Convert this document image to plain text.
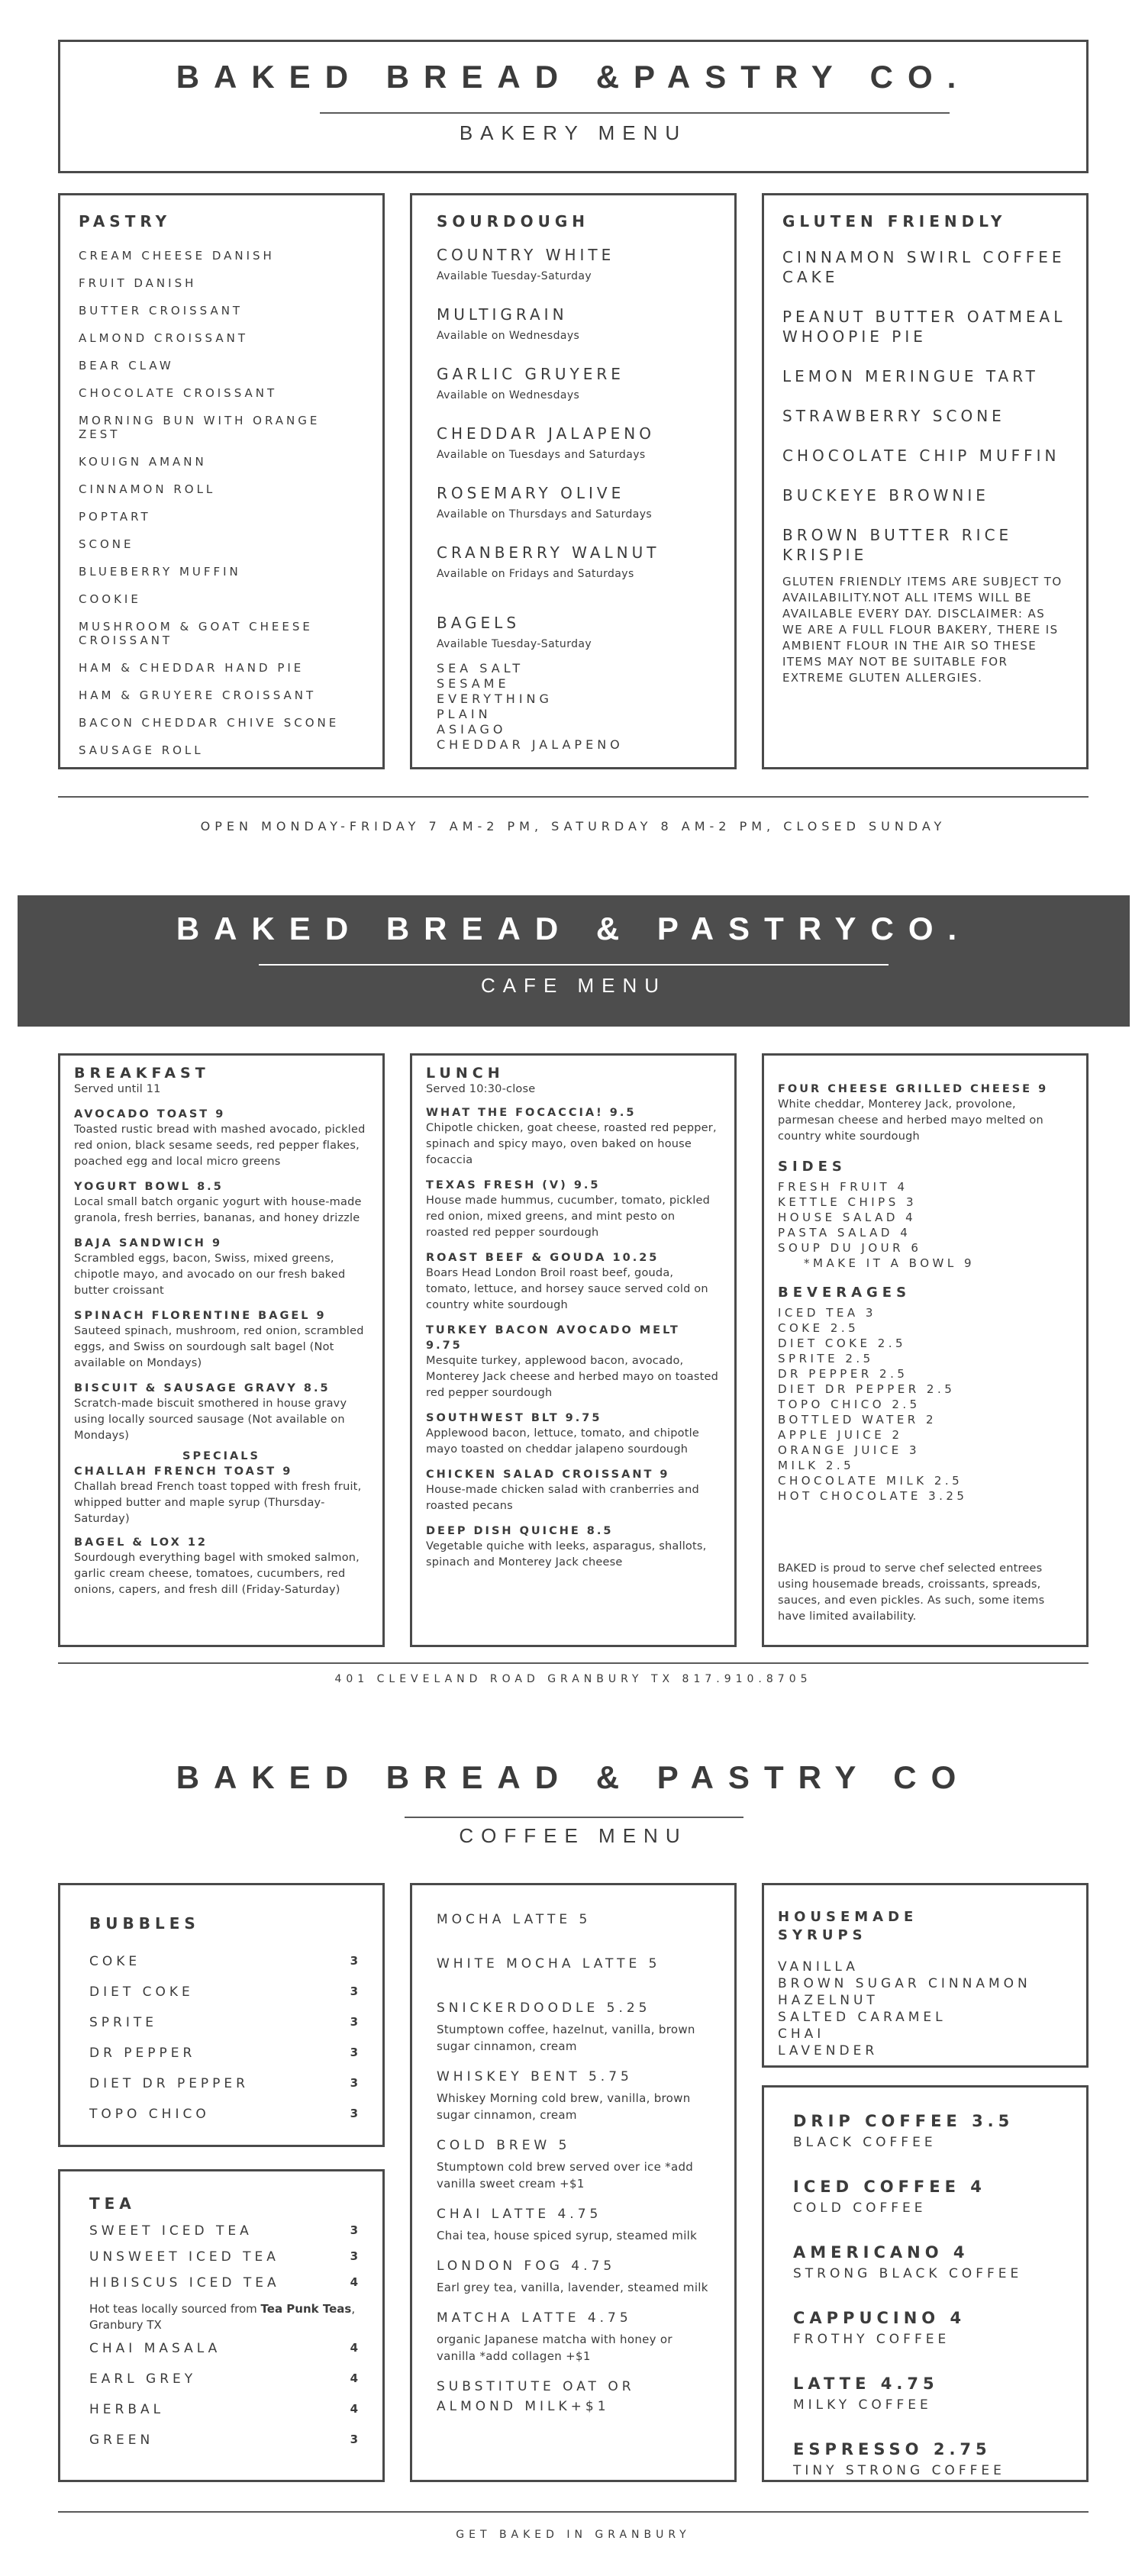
BAKED BREAD &PASTRY CO.
BAKERY MENU
PASTRY
CREAM CHEESE DANISH
FRUIT DANISH
BUTTER CROISSANT
ALMOND CROISSANT
BEAR CLAW
CHOCOLATE CROISSANT
MORNING BUN WITH ORANGE ZEST
KOUIGN AMANN
CINNAMON ROLL
POPTART
SCONE
BLUEBERRY MUFFIN
COOKIE
MUSHROOM & GOAT CHEESE CROISSANT
HAM & CHEDDAR HAND PIE
HAM & GRUYERE CROISSANT
BACON CHEDDAR CHIVE SCONE
SAUSAGE ROLL
SOURDOUGH
COUNTRY WHITE
Available Tuesday-Saturday
MULTIGRAIN
Available on Wednesdays
GARLIC GRUYERE
Available on Wednesdays
CHEDDAR JALAPENO
Available on Tuesdays and Saturdays
ROSEMARY OLIVE
Available on Thursdays and Saturdays
CRANBERRY WALNUT
Available on Fridays and Saturdays
BAGELS
Available Tuesday-Saturday
SEA SALT
SESAME
EVERYTHING
PLAIN
ASIAGO
CHEDDAR JALAPENO
GLUTEN FRIENDLY
CINNAMON SWIRL COFFEE CAKE
PEANUT BUTTER OATMEAL WHOOPIE PIE
LEMON MERINGUE TART
STRAWBERRY SCONE
CHOCOLATE CHIP MUFFIN
BUCKEYE BROWNIE
BROWN BUTTER RICE KRISPIE
GLUTEN FRIENDLY ITEMS ARE SUBJECT TO AVAILABILITY.NOT ALL ITEMS WILL BE AVAILABLE EVERY DAY. DISCLAIMER: AS WE ARE A FULL FLOUR BAKERY, THERE IS AMBIENT FLOUR IN THE AIR SO THESE ITEMS MAY NOT BE SUITABLE FOR EXTREME GLUTEN ALLERGIES.
OPEN MONDAY-FRIDAY 7 AM-2 PM, SATURDAY 8 AM-2 PM, CLOSED SUNDAY
BAKED BREAD & PASTRYCO.
CAFE MENU
BREAKFAST
Served until 11
AVOCADO TOAST 9
Toasted rustic bread with mashed avocado, pickled red onion, black sesame seeds, red pepper flakes, poached egg and local micro greens
YOGURT BOWL 8.5
Local small batch organic yogurt with house-made granola, fresh berries, bananas, and honey drizzle
BAJA SANDWICH 9
Scrambled eggs, bacon, Swiss, mixed greens, chipotle mayo, and avocado on our fresh baked butter croissant
SPINACH FLORENTINE BAGEL 9
Sauteed spinach, mushroom, red onion, scrambled eggs, and Swiss on sourdough salt bagel (Not available on Mondays)
BISCUIT & SAUSAGE GRAVY 8.5
Scratch-made biscuit smothered in house gravy using locally sourced sausage (Not available on Mondays)
SPECIALS
CHALLAH FRENCH TOAST 9
Challah bread French toast topped with fresh fruit, whipped butter and maple syrup (Thursday-Saturday)
BAGEL & LOX 12
Sourdough everything bagel with smoked salmon, garlic cream cheese, tomatoes, cucumbers, red onions, capers, and fresh dill (Friday-Saturday)
LUNCH
Served 10:30-close
WHAT THE FOCACCIA! 9.5
Chipotle chicken, goat cheese, roasted red pepper, spinach and spicy mayo, oven baked on house focaccia
TEXAS FRESH (V) 9.5
House made hummus, cucumber, tomato, pickled red onion, mixed greens, and mint pesto on roasted red pepper sourdough
ROAST BEEF & GOUDA 10.25
Boars Head London Broil roast beef, gouda, tomato, lettuce, and horsey sauce served cold on country white sourdough
TURKEY BACON AVOCADO MELT 9.75
Mesquite turkey, applewood bacon, avocado, Monterey Jack cheese and herbed mayo on toasted red pepper sourdough
SOUTHWEST BLT 9.75
Applewood bacon, lettuce, tomato, and chipotle mayo toasted on cheddar jalapeno sourdough
CHICKEN SALAD CROISSANT 9
House-made chicken salad with cranberries and roasted pecans
DEEP DISH QUICHE 8.5
Vegetable quiche with leeks, asparagus, shallots, spinach and Monterey Jack cheese
FOUR CHEESE GRILLED CHEESE 9
White cheddar, Monterey Jack, provolone, parmesan cheese and herbed mayo melted on country white sourdough
SIDES
FRESH FRUIT 4
KETTLE CHIPS 3
HOUSE SALAD 4
PASTA SALAD 4
SOUP DU JOUR 6
*MAKE IT A BOWL 9
BEVERAGES
ICED TEA 3
COKE 2.5
DIET COKE 2.5
SPRITE 2.5
DR PEPPER 2.5
DIET DR PEPPER 2.5
TOPO CHICO 2.5
BOTTLED WATER 2
APPLE JUICE 2
ORANGE JUICE 3
MILK 2.5
CHOCOLATE MILK 2.5
HOT CHOCOLATE 3.25
BAKED is proud to serve chef selected entrees using housemade breads, croissants, spreads, sauces, and even pickles. As such, some items have limited availability.
401 CLEVELAND ROAD GRANBURY TX 817.910.8705
BAKED BREAD & PASTRY CO
COFFEE MENU
BUBBLES
COKE	3
DIET COKE	3
SPRITE	3
DR PEPPER	3
DIET DR PEPPER	3
TOPO CHICO	3
TEA
SWEET ICED TEA	3
UNSWEET ICED TEA	3
HIBISCUS ICED TEA	4
Hot teas locally sourced from Tea Punk Teas, Granbury TX
CHAI MASALA	4
EARL GREY	4
HERBAL	4
GREEN	3
MOCHA LATTE 5
WHITE MOCHA LATTE 5
SNICKERDOODLE 5.25
Stumptown coffee, hazelnut, vanilla, brown sugar cinnamon, cream
WHISKEY BENT 5.75
Whiskey Morning cold brew, vanilla, brown sugar cinnamon, cream
COLD BREW 5
Stumptown cold brew served over ice *add vanilla sweet cream +$1
CHAI LATTE 4.75
Chai tea, house spiced syrup, steamed milk
LONDON FOG 4.75
Earl grey tea, vanilla, lavender, steamed milk
MATCHA LATTE 4.75
organic Japanese matcha with honey or vanilla *add collagen +$1
SUBSTITUTE OAT OR ALMOND MILK+$1
HOUSEMADE SYRUPS
VANILLA
BROWN SUGAR CINNAMON
HAZELNUT
SALTED CARAMEL
CHAI
LAVENDER
DRIP COFFEE 3.5
BLACK COFFEE
ICED COFFEE 4
COLD COFFEE
AMERICANO 4
STRONG BLACK COFFEE
CAPPUCINO 4
FROTHY COFFEE
LATTE 4.75
MILKY COFFEE
ESPRESSO 2.75
TINY STRONG COFFEE
GET BAKED IN GRANBURY
